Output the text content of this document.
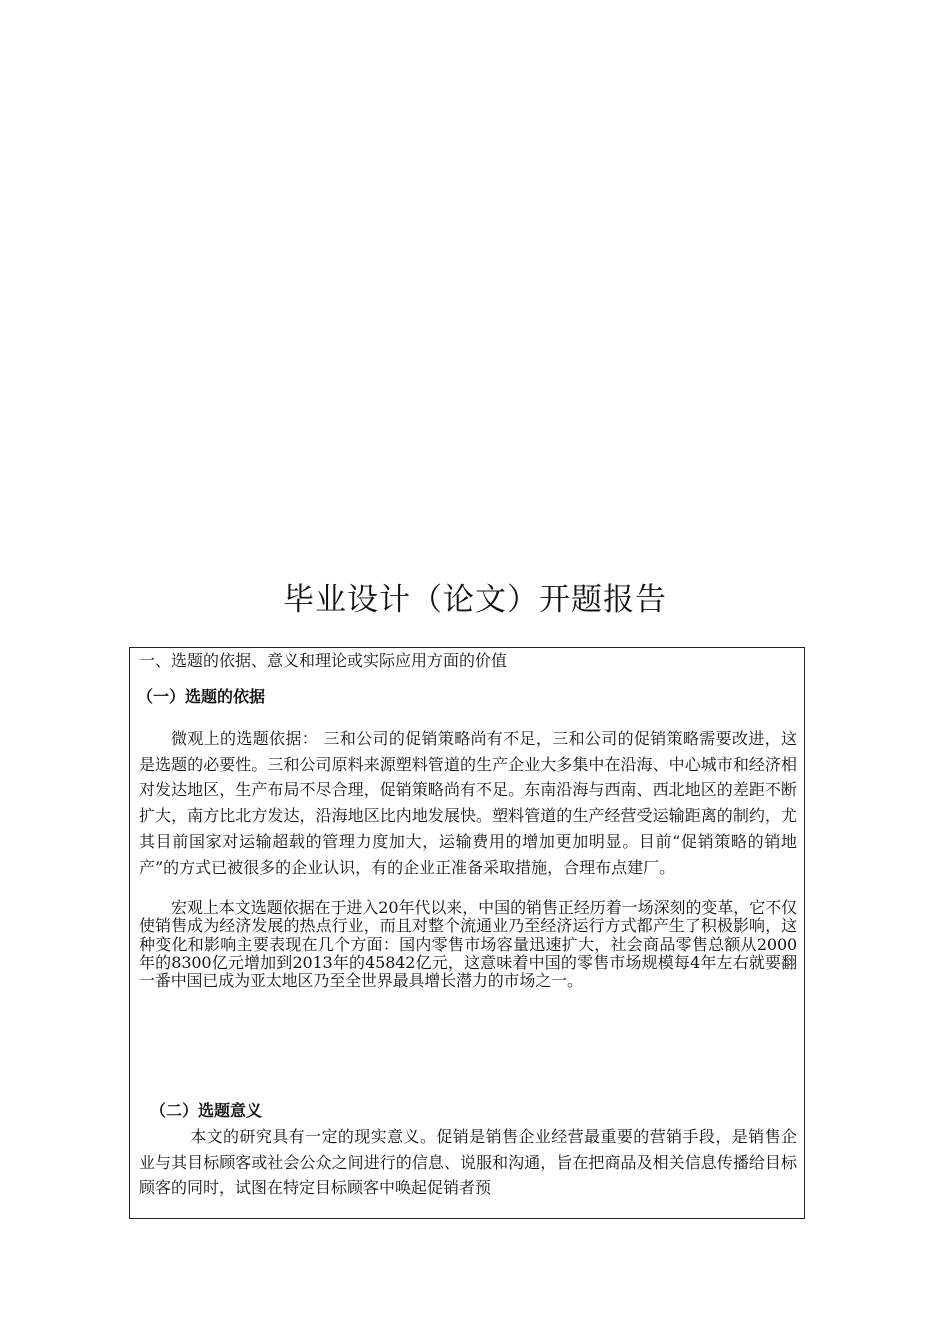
毕业设计（论文）开题报告
一、选题的依据、意义和理论或实际应用方面的价值
（一）选题的依据

微观上的选题依据： 三和公司的促销策略尚有不足，三和公司的促销策略需要改进，这是选题的必要性。三和公司原料来源塑料管道的生产企业大多集中在沿海、中心城市和经济相对发达地区，生产布局不尽合理，促销策略尚有不足。东南沿海与西南、西北地区的差距不断扩大，南方比北方发达，沿海地区比内地发展快。塑料管道的生产经营受运输距离的制约，尤其目前国家对运输超载的管理力度加大，运输费用的增加更加明显。目前“促销策略的销地产”的方式已被很多的企业认识，有的企业正准备采取措施，合理布点建厂。

宏观上本文选题依据在于进入20年代以来，中国的销售正经历着一场深刻的变革，它不仅使销售成为经济发展的热点行业，而且对整个流通业乃至经济运行方式都产生了积极影响，这种变化和影响主要表现在几个方面：国内零售市场容量迅速扩大，社会商品零售总额从2000年的8300亿元增加到2013年的45842亿元，这意味着中国的零售市场规模每4年左右就要翻一番中国已成为亚太地区乃至全世界最具增长潜力的市场之一。

（二）选题意义

本文的研究具有一定的现实意义。促销是销售企业经营最重要的营销手段，是销售企业与其目标顾客或社会公众之间进行的信息、说服和沟通，旨在把商品及相关信息传播给目标顾客的同时，试图在特定目标顾客中唤起促销者预
